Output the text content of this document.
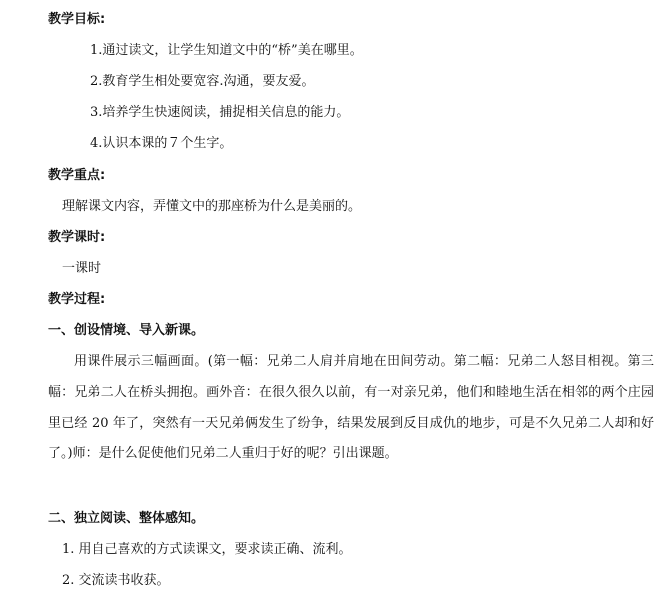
教学目标:
1.通过读文，让学生知道文中的“桥”美在哪里。
2.教育学生相处要宽容.沟通，要友爱。
3.培养学生快速阅读，捕捉相关信息的能力。
4.认识本课的７个生字。
教学重点:
理解课文内容，弄懂文中的那座桥为什么是美丽的。
教学课时:
一课时
教学过程:
一、创设情境、导入新课。

用课件展示三幅画面。(第一幅：兄弟二人肩并肩地在田间劳动。第二幅：兄弟二人怒目相视。第三幅：兄弟二人在桥头拥抱。画外音：在很久很久以前，有一对亲兄弟，他们和睦地生活在相邻的两个庄园里已经 20 年了，突然有一天兄弟俩发生了纷争，结果发展到反目成仇的地步，可是不久兄弟二人却和好了。)师：是什么促使他们兄弟二人重归于好的呢？引出课题。

二、独立阅读、整体感知。
1. 用自己喜欢的方式读课文，要求读正确、流利。
2. 交流读书收获。
